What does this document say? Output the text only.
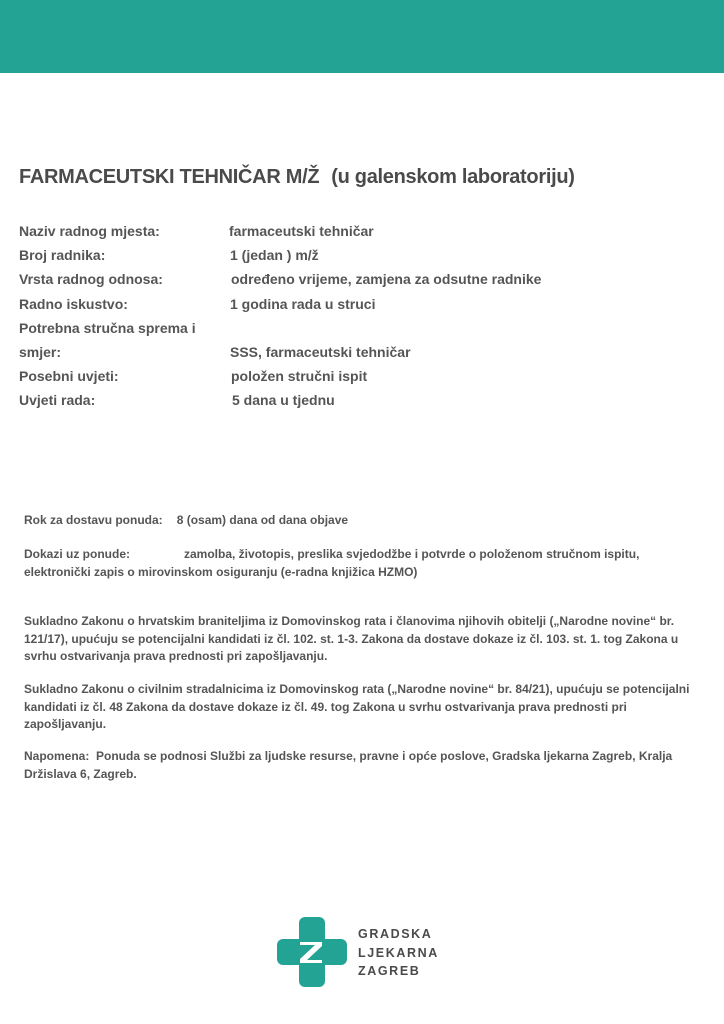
FARMACEUTSKI TEHNIČAR M/Ž (u galenskom laboratoriju)
Naziv radnog mjesta:	farmaceutski tehničar
Broj radnika:	1 (jedan ) m/ž
Vrsta radnog odnosa:	određeno vrijeme, zamjena za odsutne radnike
Radno iskustvo:	1 godina rada u struci
Potrebna stručna sprema i
smjer:	SSS, farmaceutski tehničar
Posebni uvjeti:	položen stručni ispit
Uvjeti rada:	5 dana u tjednu

Rok za dostavu ponuda: 8 (osam) dana od dana objave

Dokazi uz ponude:	zamolba, životopis, preslika svjedodžbe i potvrde o položenom stručnom ispitu, elektronički zapis o mirovinskom osiguranju (e-radna knjižica HZMO)

Sukladno Zakonu o hrvatskim braniteljima iz Domovinskog rata i članovima njihovih obitelji („Narodne novine“ br. 121/17), upućuju se potencijalni kandidati iz čl. 102. st. 1-3. Zakona da dostave dokaze iz čl. 103. st. 1. tog Zakona u svrhu ostvarivanja prava prednosti pri zapošljavanju.

Sukladno Zakonu o civilnim stradalnicima iz Domovinskog rata („Narodne novine“ br. 84/21), upućuju se potencijalni kandidati iz čl. 48 Zakona da dostave dokaze iz čl. 49. tog Zakona u svrhu ostvarivanja prava prednosti pri zapošljavanju.

Napomena: Ponuda se podnosi Službi za ljudske resurse, pravne i opće poslove, Gradska ljekarna Zagreb, Kralja Držislava 6, Zagreb.

GRADSKA
LJEKARNA
ZAGREB
